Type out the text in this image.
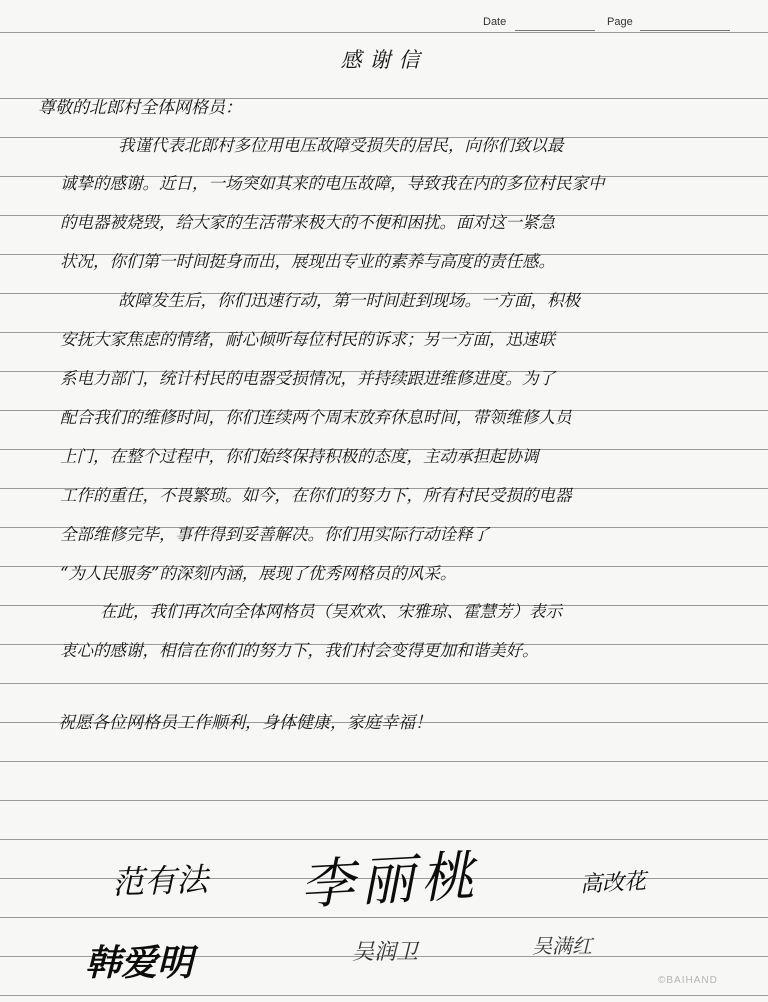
Date	Page
感谢信
尊敬的北郎村全体网格员：
我谨代表北郎村多位用电压故障受损失的居民，向你们致以最
诚挚的感谢。近日，一场突如其来的电压故障，导致我在内的多位村民家中
的电器被烧毁，给大家的生活带来极大的不便和困扰。面对这一紧急
状况，你们第一时间挺身而出，展现出专业的素养与高度的责任感。
故障发生后，你们迅速行动，第一时间赶到现场。一方面，积极
安抚大家焦虑的情绪，耐心倾听每位村民的诉求；另一方面，迅速联
系电力部门，统计村民的电器受损情况，并持续跟进维修进度。为了
配合我们的维修时间，你们连续两个周末放弃休息时间，带领维修人员
上门，在整个过程中，你们始终保持积极的态度，主动承担起协调
工作的重任，不畏繁琐。如今，在你们的努力下，所有村民受损的电器
全部维修完毕，事件得到妥善解决。你们用实际行动诠释了
“为人民服务”的深刻内涵，展现了优秀网格员的风采。
在此，我们再次向全体网格员（吴欢欢、宋雅琼、霍慧芳）表示
衷心的感谢，相信在你们的努力下，我们村会变得更加和谐美好。
祝愿各位网格员工作顺利，身体健康，家庭幸福！
范有法 李丽桃	高改花
韩爱明	吴润卫	吴满红
©BAIHAND
